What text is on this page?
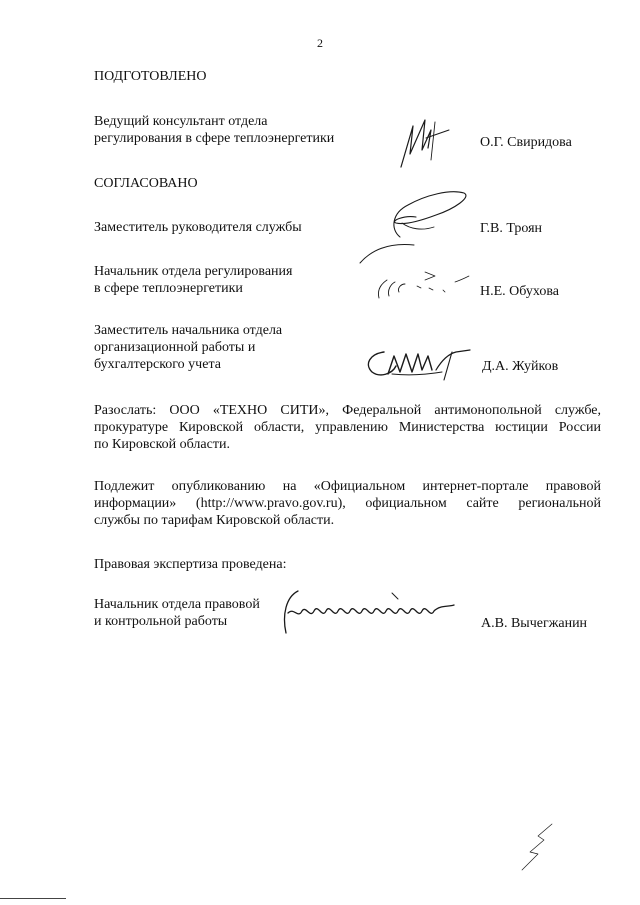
2
ПОДГОТОВЛЕНО
Ведущий консультант отдела
регулирования в сфере теплоэнергетики	О.Г. Свиридова
СОГЛАСОВАНО
Заместитель руководителя службы	Г.В. Троян
Начальник отдела регулирования
в сфере теплоэнергетики	Н.Е. Обухова
Заместитель начальника отдела
организационной работы и
бухгалтерского учета	Д.А. Жуйков
Разослать: ООО «ТЕХНО СИТИ», Федеральной антимонопольной службе,
прокуратуре Кировской области, управлению Министерства юстиции России
по Кировской области.
Подлежит опубликованию на «Официальном интернет-портале правовой
информации» (http://www.pravo.gov.ru), официальном сайте региональной
службы по тарифам Кировской области.
Правовая экспертиза проведена:
Начальник отдела правовой
и контрольной работы	А.В. Вычегжанин
